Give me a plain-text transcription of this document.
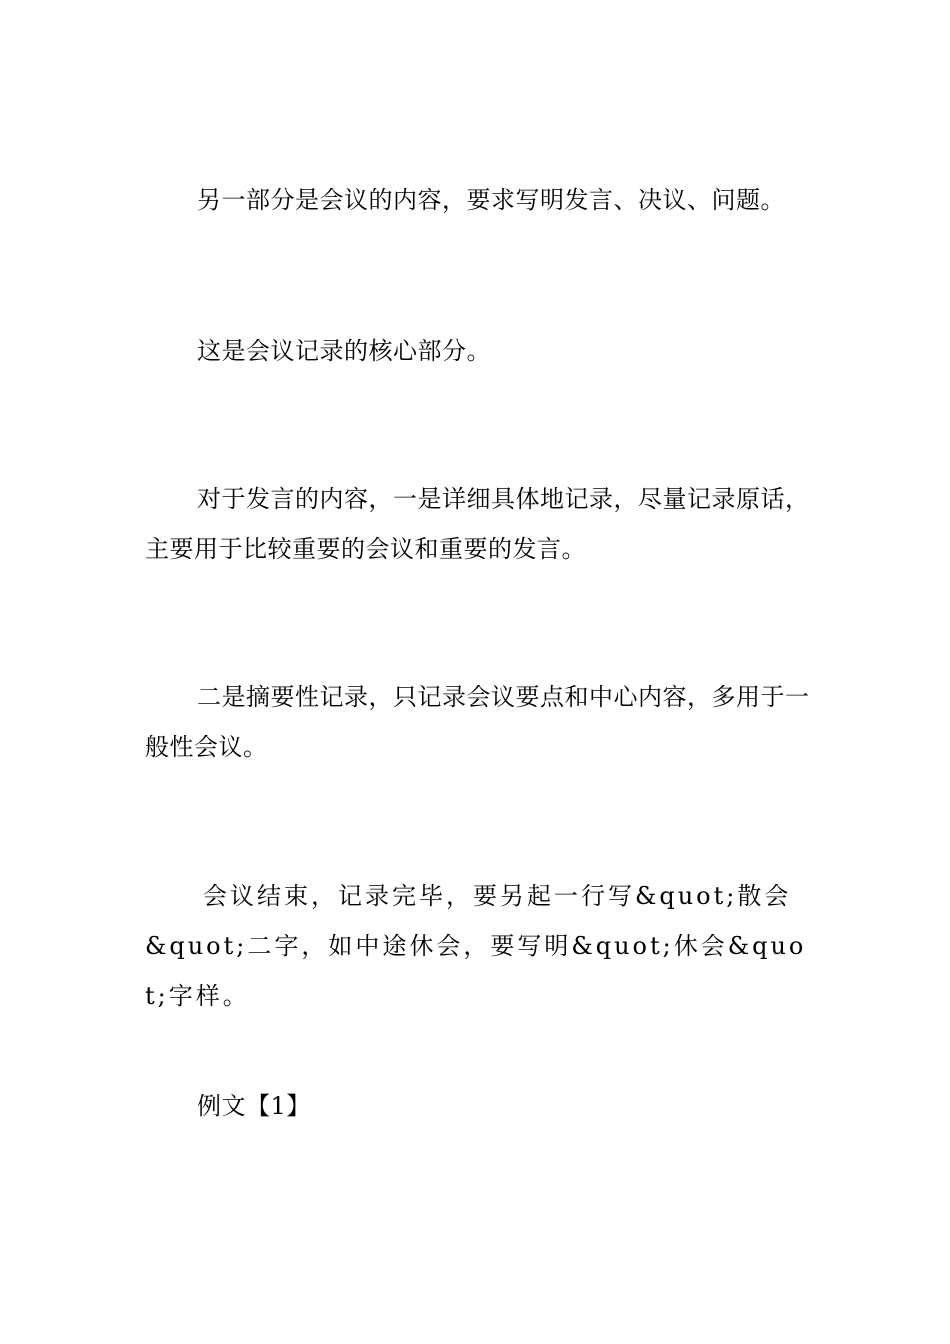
另一部分是会议的内容，要求写明发言、决议、问题。

这是会议记录的核心部分。

对于发言的内容，一是详细具体地记录，尽量记录原话，主要用于比较重要的会议和重要的发言。

二是摘要性记录，只记录会议要点和中心内容，多用于一般性会议。

会议结束，记录完毕，要另起一行写&quot;散会&quot;二字，如中途休会，要写明&quot;休会&quot;字样。

例文【1】
